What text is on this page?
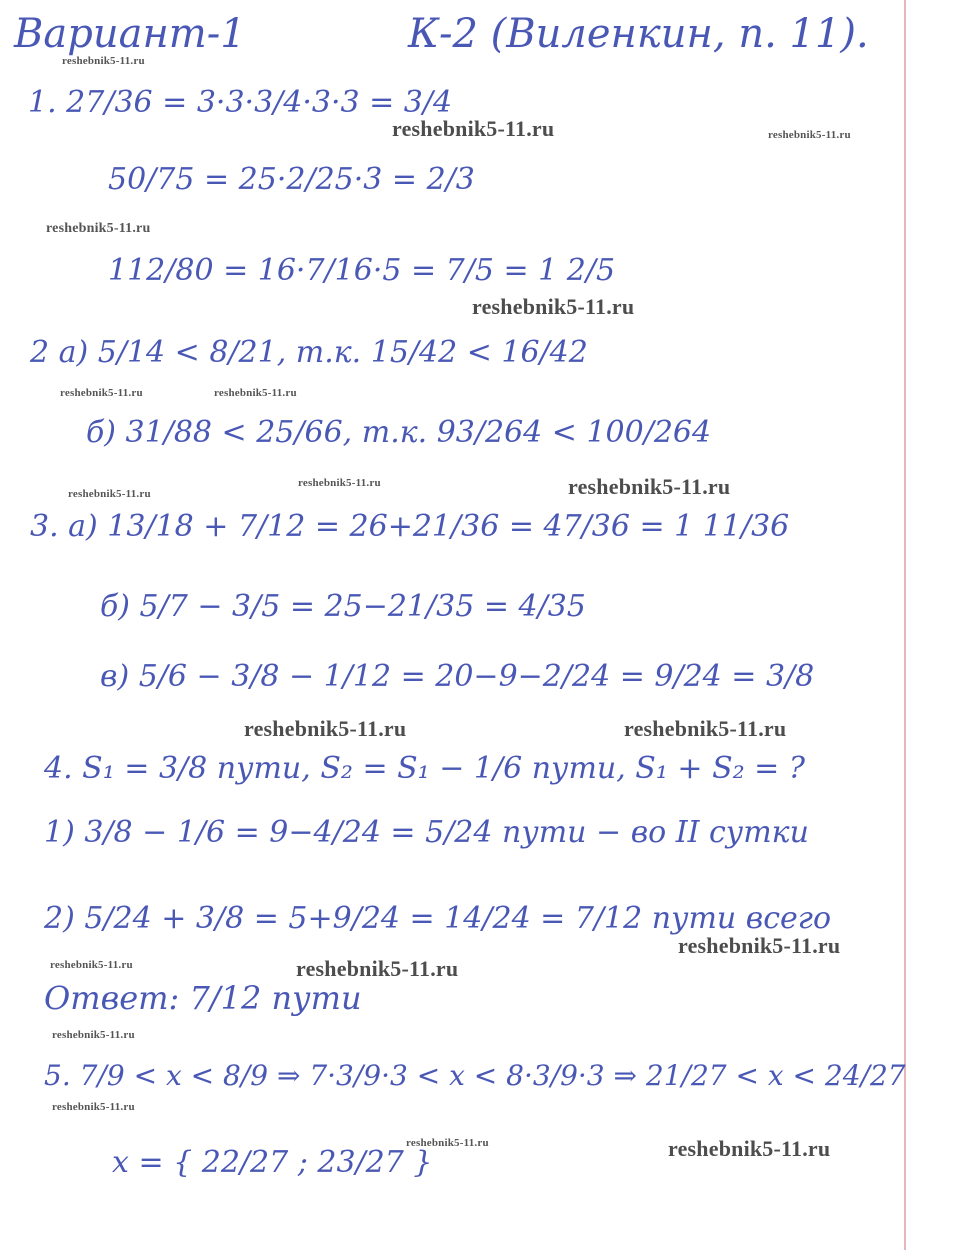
Вариант-1	К-2 (Виленкин, п. 11).
1. 27/36 = 3·3·3/4·3·3 = 3/4
50/75 = 25·2/25·3 = 2/3
112/80 = 16·7/16·5 = 7/5 = 1 2/5
2 а) 5/14 < 8/21, т.к. 15/42 < 16/42
б) 31/88 < 25/66, т.к. 93/264 < 100/264
3. а) 13/18 + 7/12 = 26+21/36 = 47/36 = 1 11/36
б) 5/7 − 3/5 = 25−21/35 = 4/35
в) 5/6 − 3/8 − 1/12 = 20−9−2/24 = 9/24 = 3/8
4. S₁ = 3/8 пути, S₂ = S₁ − 1/6 пути, S₁ + S₂ = ?
1) 3/8 − 1/6 = 9−4/24 = 5/24 пути − во II сутки
2) 5/24 + 3/8 = 5+9/24 = 14/24 = 7/12 пути всего
Ответ: 7/12 пути
5. 7/9 < x < 8/9 ⇒ 7·3/9·3 < x < 8·3/9·3 ⇒ 21/27 < x < 24/27
x = { 22/27 ; 23/27 }
reshebnik5-11.ru
reshebnik5-11.ru	reshebnik5-11.ru
reshebnik5-11.ru
reshebnik5-11.ru
reshebnik5-11.ru	reshebnik5-11.ru
reshebnik5-11.ru	reshebnik5-11.ru
reshebnik5-11.ru
reshebnik5-11.ru	reshebnik5-11.ru
reshebnik5-11.ru
reshebnik5-11.ru	reshebnik5-11.ru
reshebnik5-11.ru
reshebnik5-11.ru
reshebnik5-11.ru	reshebnik5-11.ru
